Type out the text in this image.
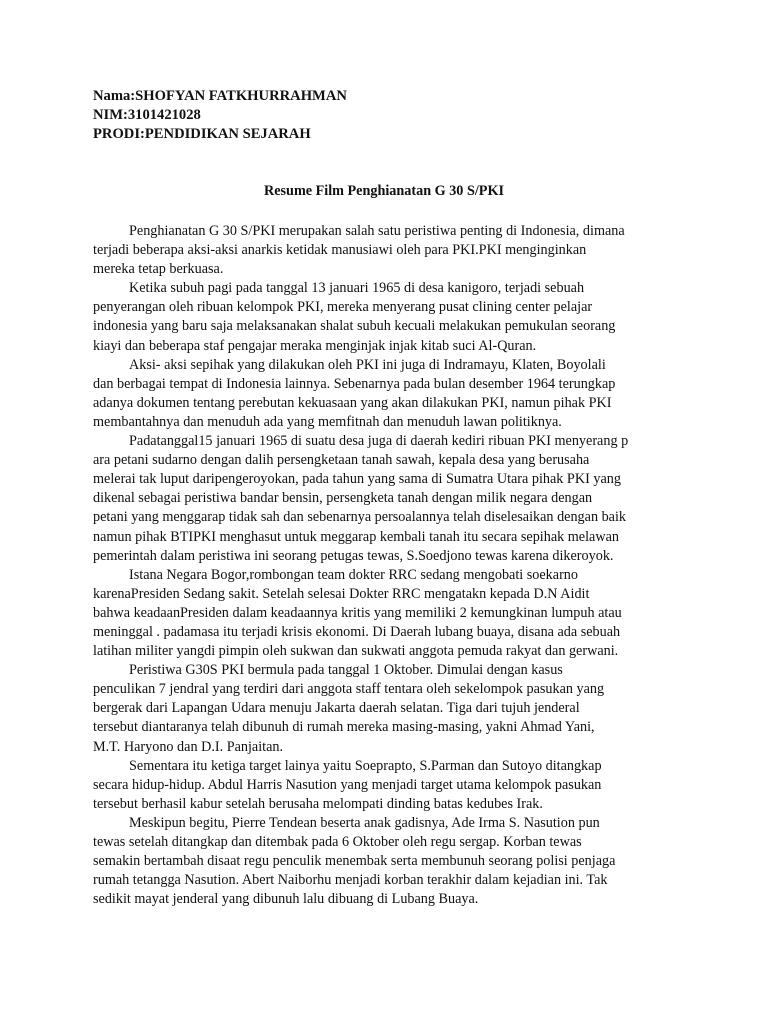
Nama:SHOFYAN FATKHURRAHMAN
NIM:3101421028
PRODI:PENDIDIKAN SEJARAH
Resume Film Penghianatan G 30 S/PKI
Penghianatan G 30 S/PKI merupakan salah satu peristiwa penting di Indonesia, dimana
terjadi beberapa aksi-aksi anarkis ketidak manusiawi oleh para PKI.PKI menginginkan
mereka tetap berkuasa.
Ketika subuh pagi pada tanggal 13 januari 1965 di desa kanigoro, terjadi sebuah
penyerangan oleh ribuan kelompok PKI, mereka menyerang pusat clining center pelajar
indonesia yang baru saja melaksanakan shalat subuh kecuali melakukan pemukulan seorang
kiayi dan beberapa staf pengajar meraka menginjak injak kitab suci Al-Quran.
Aksi- aksi sepihak yang dilakukan oleh PKI ini juga di Indramayu, Klaten, Boyolali
dan berbagai tempat di Indonesia lainnya. Sebenarnya pada bulan desember 1964 terungkap
adanya dokumen tentang perebutan kekuasaan yang akan dilakukan PKI, namun pihak PKI
membantahnya dan menuduh ada yang memfitnah dan menuduh lawan politiknya.
Padatanggal15 januari 1965 di suatu desa juga di daerah kediri ribuan PKI menyerang p
ara petani sudarno dengan dalih persengketaan tanah sawah, kepala desa yang berusaha
melerai tak luput daripengeroyokan, pada tahun yang sama di Sumatra Utara pihak PKI yang
dikenal sebagai peristiwa bandar bensin, persengketa tanah dengan milik negara dengan
petani yang menggarap tidak sah dan sebenarnya persoalannya telah diselesaikan dengan baik
namun pihak BTIPKI menghasut untuk meggarap kembali tanah itu secara sepihak melawan
pemerintah dalam peristiwa ini seorang petugas tewas, S.Soedjono tewas karena dikeroyok.
Istana Negara Bogor,rombongan team dokter RRC sedang mengobati soekarno
karenaPresiden Sedang sakit. Setelah selesai Dokter RRC mengatakn kepada D.N Aidit
bahwa keadaanPresiden dalam keadaannya kritis yang memiliki 2 kemungkinan lumpuh atau
meninggal . padamasa itu terjadi krisis ekonomi. Di Daerah lubang buaya, disana ada sebuah
latihan militer yangdi pimpin oleh sukwan dan sukwati anggota pemuda rakyat dan gerwani.
Peristiwa G30S PKI bermula pada tanggal 1 Oktober. Dimulai dengan kasus
penculikan 7 jendral yang terdiri dari anggota staff tentara oleh sekelompok pasukan yang
bergerak dari Lapangan Udara menuju Jakarta daerah selatan. Tiga dari tujuh jenderal
tersebut diantaranya telah dibunuh di rumah mereka masing-masing, yakni Ahmad Yani,
M.T. Haryono dan D.I. Panjaitan.
Sementara itu ketiga target lainya yaitu Soeprapto, S.Parman dan Sutoyo ditangkap
secara hidup-hidup. Abdul Harris Nasution yang menjadi target utama kelompok pasukan
tersebut berhasil kabur setelah berusaha melompati dinding batas kedubes Irak.
Meskipun begitu, Pierre Tendean beserta anak gadisnya, Ade Irma S. Nasution pun
tewas setelah ditangkap dan ditembak pada 6 Oktober oleh regu sergap. Korban tewas
semakin bertambah disaat regu penculik menembak serta membunuh seorang polisi penjaga
rumah tetangga Nasution. Abert Naiborhu menjadi korban terakhir dalam kejadian ini. Tak
sedikit mayat jenderal yang dibunuh lalu dibuang di Lubang Buaya.
